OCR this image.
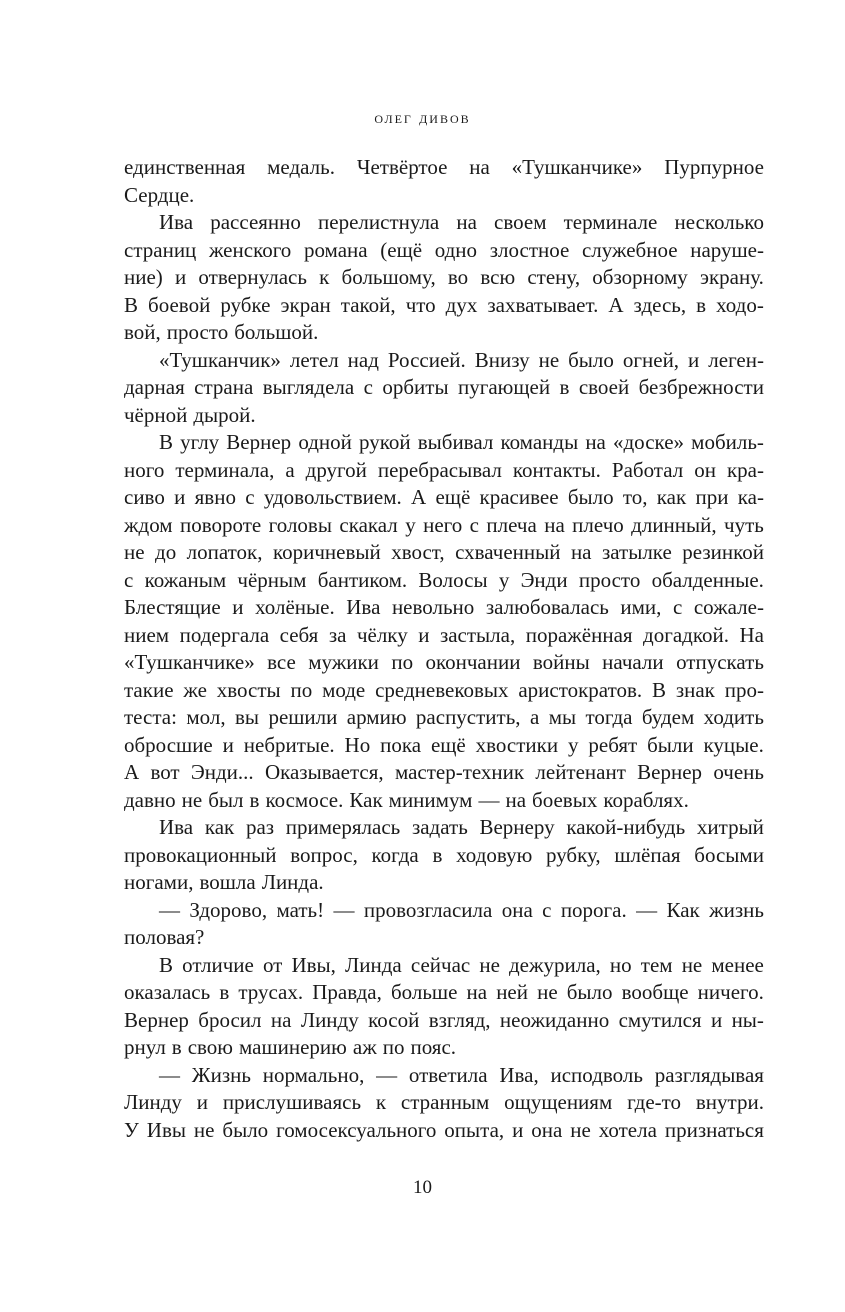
олег дивов
единственная медаль. Четвёртое на «Тушканчике» Пурпурное
Сердце.
Ива рассеянно перелистнула на своем терминале несколько
страниц женского романа (ещё одно злостное служебное наруше-
ние) и отвернулась к большому, во всю стену, обзорному экрану.
В боевой рубке экран такой, что дух захватывает. А здесь, в ходо-
вой, просто большой.
«Тушканчик» летел над Россией. Внизу не было огней, и леген-
дарная страна выглядела с орбиты пугающей в своей безбрежности
чёрной дырой.
В углу Вернер одной рукой выбивал команды на «доске» мобиль-
ного терминала, а другой перебрасывал контакты. Работал он кра-
сиво и явно с удовольствием. А ещё красивее было то, как при ка-
ждом повороте головы скакал у него с плеча на плечо длинный, чуть
не до лопаток, коричневый хвост, схваченный на затылке резинкой
с кожаным чёрным бантиком. Волосы у Энди просто обалденные.
Блестящие и холёные. Ива невольно залюбовалась ими, с сожале-
нием подергала себя за чёлку и застыла, поражённая догадкой. На
«Тушканчике» все мужики по окончании войны начали отпускать
такие же хвосты по моде средневековых аристократов. В знак про-
теста: мол, вы решили армию распустить, а мы тогда будем ходить
обросшие и небритые. Но пока ещё хвостики у ребят были куцые.
А вот Энди... Оказывается, мастер-техник лейтенант Вернер очень
давно не был в космосе. Как минимум — на боевых кораблях.
Ива как раз примерялась задать Вернеру какой-нибудь хитрый
провокационный вопрос, когда в ходовую рубку, шлёпая босыми
ногами, вошла Линда.
— Здорово, мать! — провозгласила она с порога. — Как жизнь
половая?
В отличие от Ивы, Линда сейчас не дежурила, но тем не менее
оказалась в трусах. Правда, больше на ней не было вообще ничего.
Вернер бросил на Линду косой взгляд, неожиданно смутился и ны-
рнул в свою машинерию аж по пояс.
— Жизнь нормально, — ответила Ива, исподволь разглядывая
Линду и прислушиваясь к странным ощущениям где-то внутри.
У Ивы не было гомосексуального опыта, и она не хотела признаться
10
